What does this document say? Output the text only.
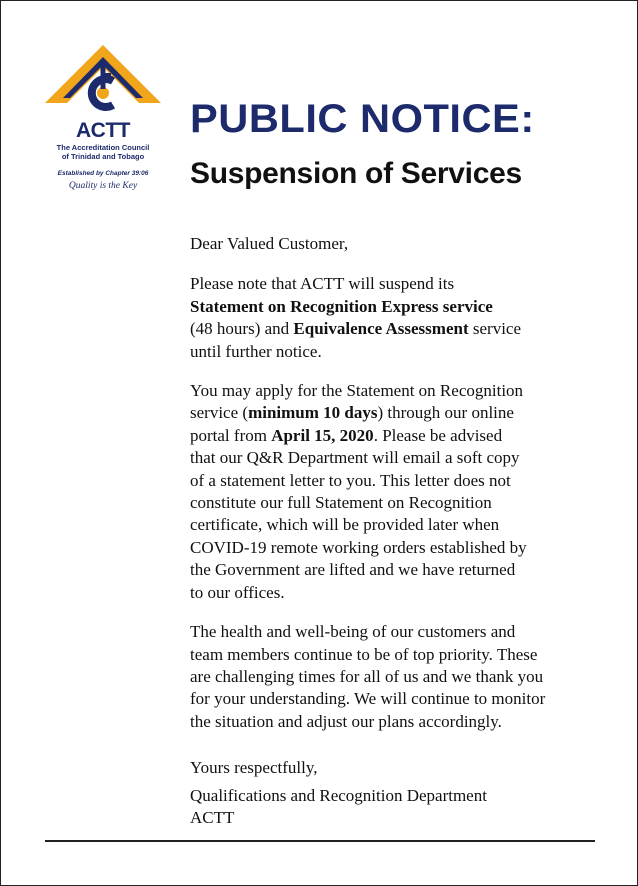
ACTT
The Accreditation Council
of Trinidad and Tobago
Established by Chapter 39:06
Quality is the Key
PUBLIC NOTICE:
Suspension of Services

Dear Valued Customer,

Please note that ACTT will suspend its
Statement on Recognition Express service
(48 hours) and Equivalence Assessment service
until further notice.

You may apply for the Statement on Recognition
service (minimum 10 days) through our online
portal from April 15, 2020. Please be advised
that our Q&R Department will email a soft copy
of a statement letter to you. This letter does not
constitute our full Statement on Recognition
certificate, which will be provided later when
COVID-19 remote working orders established by
the Government are lifted and we have returned
to our offices.

The health and well-being of our customers and
team members continue to be of top priority. These
are challenging times for all of us and we thank you
for your understanding. We will continue to monitor
the situation and adjust our plans accordingly.

Yours respectfully,
Qualifications and Recognition Department
ACTT
